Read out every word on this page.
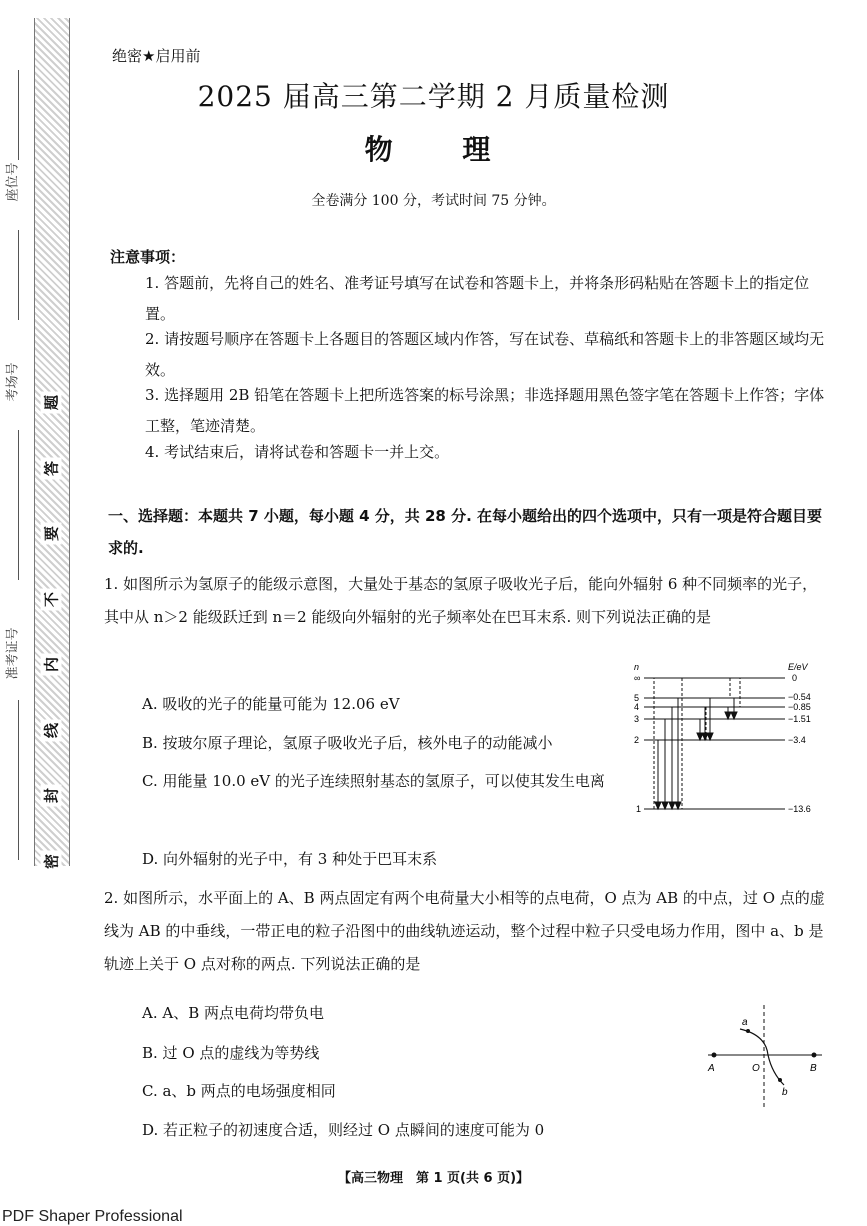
题
答
要
不
内
线
封
密
座位号
考场号
准考证号
绝密★启用前
2025 届高三第二学期 2 月质量检测
物 理
全卷满分 100 分，考试时间 75 分钟。
注意事项：
1. 答题前，先将自己的姓名、准考证号填写在试卷和答题卡上，并将条形码粘贴在答题卡上的指定位置。
2. 请按题号顺序在答题卡上各题目的答题区域内作答，写在试卷、草稿纸和答题卡上的非答题区域均无效。
3. 选择题用 2B 铅笔在答题卡上把所选答案的标号涂黑；非选择题用黑色签字笔在答题卡上作答；字体工整，笔迹清楚。
4. 考试结束后，请将试卷和答题卡一并上交。
一、选择题：本题共 7 小题，每小题 4 分，共 28 分. 在每小题给出的四个选项中，只有一项是符合题目要求的.
1. 如图所示为氢原子的能级示意图，大量处于基态的氢原子吸收光子后，能向外辐射 6 种不同频率的光子，其中从 n＞2 能级跃迁到 n＝2 能级向外辐射的光子频率处在巴耳末系. 则下列说法正确的是
A. 吸收的光子的能量可能为 12.06 eV
B. 按玻尔原子理论，氢原子吸收光子后，核外电子的动能减小
C. 用能量 10.0 eV 的光子连续照射基态的氢原子，可以使其发生电离
D. 向外辐射的光子中，有 3 种处于巴耳末系
n	E/eV
∞
5
4
3
2
1
0
−0.54
−0.85
−1.51
−3.4
−13.6
2. 如图所示，水平面上的 A、B 两点固定有两个电荷量大小相等的点电荷，O 点为 AB 的中点，过 O 点的虚线为 AB 的中垂线，一带正电的粒子沿图中的曲线轨迹运动，整个过程中粒子只受电场力作用，图中 a、b 是轨迹上关于 O 点对称的两点. 下列说法正确的是
A. A、B 两点电荷均带负电
B. 过 O 点的虚线为等势线
C. a、b 两点的电场强度相同
D. 若正粒子的初速度合适，则经过 O 点瞬间的速度可能为 0
a
b
A	B
O
【高三物理　第 1 页(共 6 页)】
PDF Shaper Professional
